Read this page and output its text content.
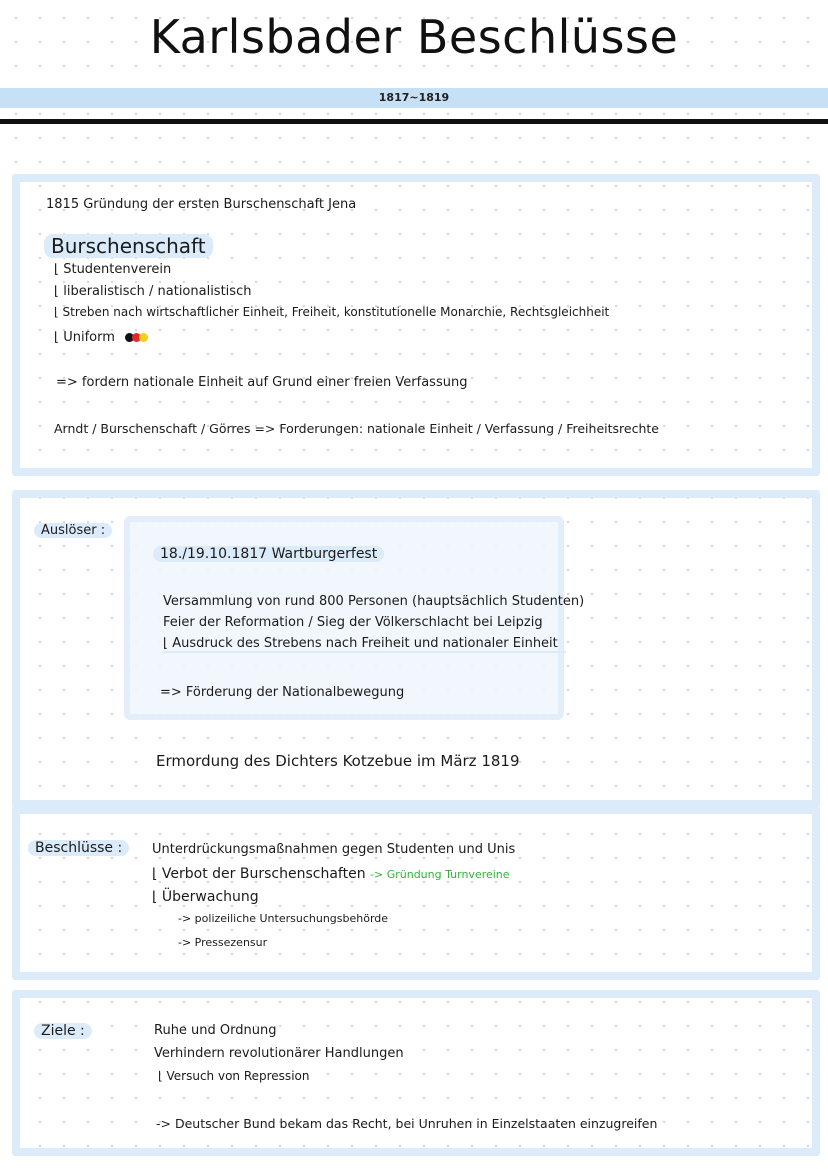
Karlsbader Beschlüsse
1817~1819
1815 Gründung der ersten Burschenschaft Jena
Burschenschaft
⌊ Studentenverein
⌊ liberalistisch / nationalistisch
⌊ Streben nach wirtschaftlicher Einheit, Freiheit, konstitutionelle Monarchie, Rechtsgleichheit
⌊ Uniform
=> fordern nationale Einheit auf Grund einer freien Verfassung
Arndt / Burschenschaft / Görres => Forderungen: nationale Einheit / Verfassung / Freiheitsrechte
Auslöser :
18./19.10.1817 Wartburgerfest
Versammlung von rund 800 Personen (hauptsächlich Studenten)
Feier der Reformation / Sieg der Völkerschlacht bei Leipzig
⌊ Ausdruck des Strebens nach Freiheit und nationaler Einheit
=> Förderung der Nationalbewegung
Ermordung des Dichters Kotzebue im März 1819
Beschlüsse :	Unterdrückungsmaßnahmen gegen Studenten und Unis
⌊ Verbot der Burschenschaften -> Gründung Turnvereine
⌊ Überwachung
-> polizeiliche Untersuchungsbehörde
-> Pressezensur
Ziele :	Ruhe und Ordnung
Verhindern revolutionärer Handlungen
⌊ Versuch von Repression
-> Deutscher Bund bekam das Recht, bei Unruhen in Einzelstaaten einzugreifen
